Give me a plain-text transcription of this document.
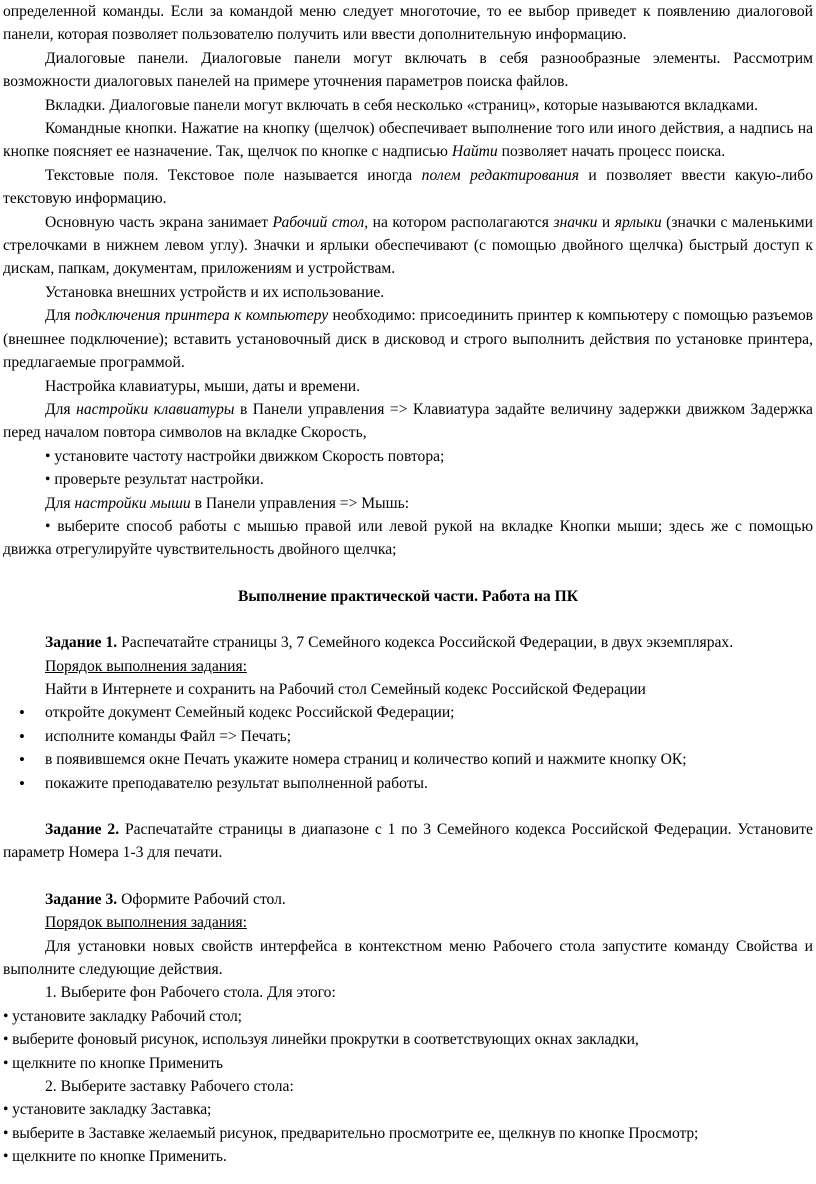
определенной команды. Если за командой меню следует многоточие, то ее выбор приведет к появлению диалоговой панели, которая позволяет пользователю получить или ввести дополнительную информацию.

Диалоговые панели. Диалоговые панели могут включать в себя разнообразные элементы. Рассмотрим возможности диалоговых панелей на примере уточнения параметров поиска файлов.

Вкладки. Диалоговые панели могут включать в себя несколько «страниц», которые называются вкладками.

Командные кнопки. Нажатие на кнопку (щелчок) обеспечивает выполнение того или иного действия, а надпись на кнопке поясняет ее назначение. Так, щелчок по кнопке с надписью Найти позволяет начать процесс поиска.

Текстовые поля. Текстовое поле называется иногда полем редактирования и позволяет ввести какую-либо текстовую информацию.

Основную часть экрана занимает Рабочий стол, на котором располагаются значки и ярлыки (значки с маленькими стрелочками в нижнем левом углу). Значки и ярлыки обеспечивают (с помощью двойного щелчка) быстрый доступ к дискам, папкам, документам, приложениям и устройствам.

Установка внешних устройств и их использование.

Для подключения принтера к компьютеру необходимо: присоединить принтер к компьютеру с помощью разъемов (внешнее подключение); вставить установочный диск в дисковод и строго выполнить действия по установке принтера, предлагаемые программой.

Настройка клавиатуры, мыши, даты и времени.

Для настройки клавиатуры в Панели управления => Клавиатура задайте величину задержки движком Задержка перед началом повтора символов на вкладке Скорость,

• установите частоту настройки движком Скорость повтора;

• проверьте результат настройки.

Для настройки мыши в Панели управления => Мышь:

• выберите способ работы с мышью правой или левой рукой на вкладке Кнопки мыши; здесь же с помощью движка отрегулируйте чувствительность двойного щелчка;

Выполнение практической части. Работа на ПК

Задание 1. Распечатайте страницы 3, 7 Семейного кодекса Российской Федерации, в двух экземплярах.

Порядок выполнения задания:

Найти в Интернете и сохранить на Рабочий стол Семейный кодекс Российской Федерации

• откройте документ Семейный кодекс Российской Федерации;
• исполните команды Файл => Печать;
• в появившемся окне Печать укажите номера страниц и количество копий и нажмите кнопку ОК;
• покажите преподавателю результат выполненной работы.

Задание 2. Распечатайте страницы в диапазоне с 1 по 3 Семейного кодекса Российской Федерации. Установите параметр Номера 1-3 для печати.

Задание 3. Оформите Рабочий стол.

Порядок выполнения задания:

Для установки новых свойств интерфейса в контекстном меню Рабочего стола запустите команду Свойства и выполните следующие действия.

1. Выберите фон Рабочего стола. Для этого:

• установите закладку Рабочий стол;

• выберите фоновый рисунок, используя линейки прокрутки в соответствующих окнах закладки,

• щелкните по кнопке Применить

2. Выберите заставку Рабочего стола:

• установите закладку Заставка;

• выберите в Заставке желаемый рисунок, предварительно просмотрите ее, щелкнув по кнопке Просмотр;

• щелкните по кнопке Применить.
